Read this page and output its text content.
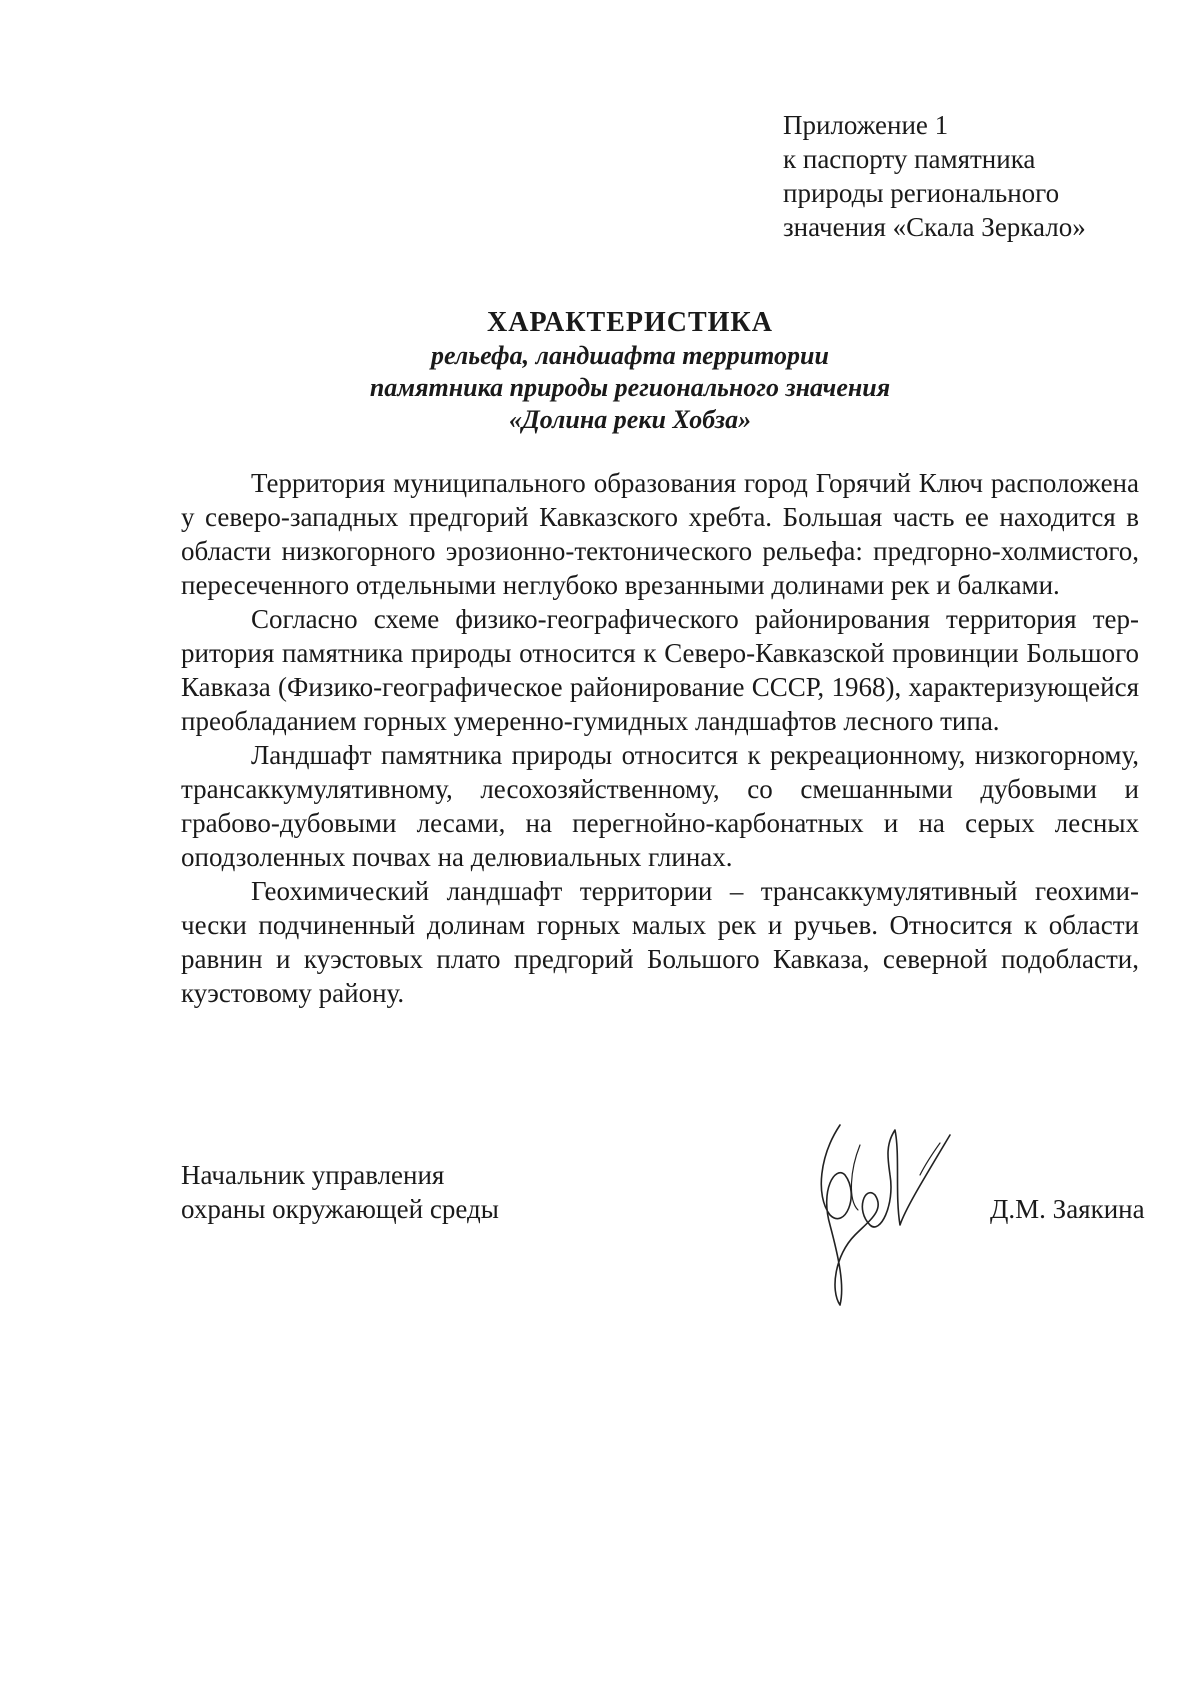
Приложение 1

к паспорту памятника

природы регионального

значения «Скала Зеркало»

ХАРАКТЕРИСТИКА

рельефа, ландшафта территории

памятника природы регионального значения

«Долина реки Хобза»

Территория муниципального образования город Горячий Ключ расположена у северо-западных предгорий Кавказского хребта. Большая часть ее находится в области низкогорного эрозионно-тектонического рельефа: предгорно-холмистого, пересеченного отдельными неглубоко врезанными долинами рек и балками.

Согласно схеме физико-географического районирования территория территория памятника природы относится к Северо-Кавказской провинции Большого Кавказа (Физико-географическое районирование СССР, 1968), характеризующейся преобладанием горных умеренно-гумидных ландшафтов лесного типа.

Ландшафт памятника природы относится к рекреационному, низкогорному, трансаккумулятивному, лесохозяйственному, со смешанными дубовыми и грабово-дубовыми лесами, на перегнойно-карбонатных и на серых лесных оподзоленных почвах на делювиальных глинах.

Геохимический ландшафт территории – трансаккумулятивный геохимически подчиненный долинам горных малых рек и ручьев. Относится к области равнин и куэстовых плато предгорий Большого Кавказа, северной подобласти, куэстовому району.

Начальник управления

охраны окружающей среды	Д.М. Заякина
